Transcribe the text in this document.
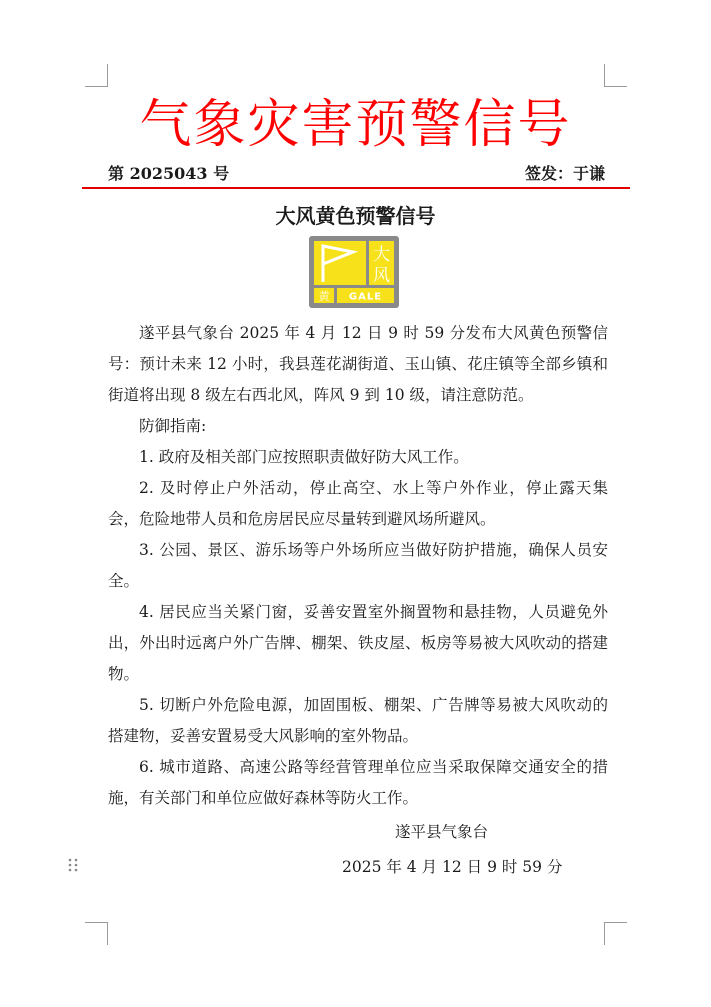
气象灾害预警信号
第 2025043 号	签发：于谦
大风黄色预警信号
大
风
黄 GALE

遂平县气象台 2025 年 4 月 12 日 9 时 59 分发布大风黄色预警信号：预计未来 12 小时，我县莲花湖街道、玉山镇、花庄镇等全部乡镇和街道将出现 8 级左右西北风，阵风 9 到 10 级，请注意防范。

防御指南:

1. 政府及相关部门应按照职责做好防大风工作。

2. 及时停止户外活动，停止高空、水上等户外作业，停止露天集会，危险地带人员和危房居民应尽量转到避风场所避风。

3. 公园、景区、游乐场等户外场所应当做好防护措施，确保人员安全。

4. 居民应当关紧门窗，妥善安置室外搁置物和悬挂物，人员避免外出，外出时远离户外广告牌、棚架、铁皮屋、板房等易被大风吹动的搭建物。

5. 切断户外危险电源，加固围板、棚架、广告牌等易被大风吹动的搭建物，妥善安置易受大风影响的室外物品。

6. 城市道路、高速公路等经营管理单位应当采取保障交通安全的措施，有关部门和单位应做好森林等防火工作。

遂平县气象台
2025 年 4 月 12 日 9 时 59 分
